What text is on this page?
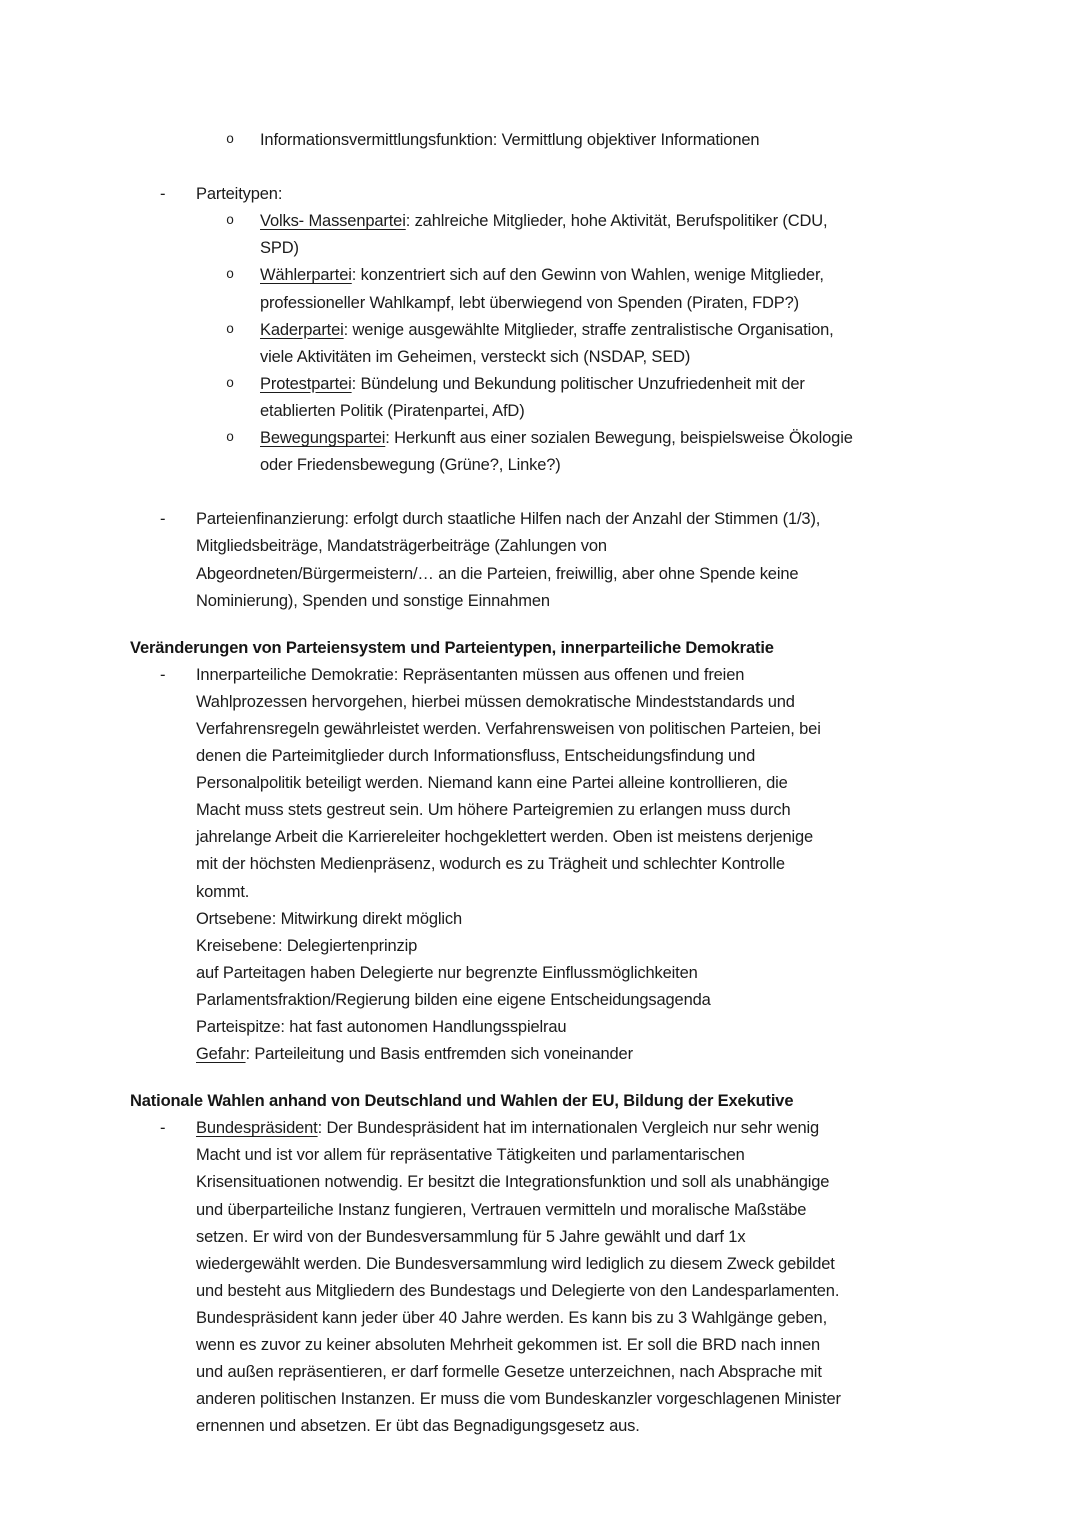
o Informationsvermittlungsfunktion: Vermittlung objektiver Informationen
- Parteitypen:
o Volks- Massenpartei: zahlreiche Mitglieder, hohe Aktivität, Berufspolitiker (CDU,
SPD)
o Wählerpartei: konzentriert sich auf den Gewinn von Wahlen, wenige Mitglieder,
professioneller Wahlkampf, lebt überwiegend von Spenden (Piraten, FDP?)
o Kaderpartei: wenige ausgewählte Mitglieder, straffe zentralistische Organisation,
viele Aktivitäten im Geheimen, versteckt sich (NSDAP, SED)
o Protestpartei: Bündelung und Bekundung politischer Unzufriedenheit mit der
etablierten Politik (Piratenpartei, AfD)
o Bewegungspartei: Herkunft aus einer sozialen Bewegung, beispielsweise Ökologie
oder Friedensbewegung (Grüne?, Linke?)
- Parteienfinanzierung: erfolgt durch staatliche Hilfen nach der Anzahl der Stimmen (1/3),
Mitgliedsbeiträge, Mandatsträgerbeiträge (Zahlungen von
Abgeordneten/Bürgermeistern/… an die Parteien, freiwillig, aber ohne Spende keine
Nominierung), Spenden und sonstige Einnahmen
Veränderungen von Parteiensystem und Parteientypen, innerparteiliche Demokratie
- Innerparteiliche Demokratie: Repräsentanten müssen aus offenen und freien
Wahlprozessen hervorgehen, hierbei müssen demokratische Mindeststandards und
Verfahrensregeln gewährleistet werden. Verfahrensweisen von politischen Parteien, bei
denen die Parteimitglieder durch Informationsfluss, Entscheidungsfindung und
Personalpolitik beteiligt werden. Niemand kann eine Partei alleine kontrollieren, die
Macht muss stets gestreut sein. Um höhere Parteigremien zu erlangen muss durch
jahrelange Arbeit die Karriereleiter hochgeklettert werden. Oben ist meistens derjenige
mit der höchsten Medienpräsenz, wodurch es zu Trägheit und schlechter Kontrolle
kommt.
Ortsebene: Mitwirkung direkt möglich
Kreisebene: Delegiertenprinzip
auf Parteitagen haben Delegierte nur begrenzte Einflussmöglichkeiten
Parlamentsfraktion/Regierung bilden eine eigene Entscheidungsagenda
Parteispitze: hat fast autonomen Handlungsspielrau
Gefahr: Parteileitung und Basis entfremden sich voneinander
Nationale Wahlen anhand von Deutschland und Wahlen der EU, Bildung der Exekutive
- Bundespräsident: Der Bundespräsident hat im internationalen Vergleich nur sehr wenig
Macht und ist vor allem für repräsentative Tätigkeiten und parlamentarischen
Krisensituationen notwendig. Er besitzt die Integrationsfunktion und soll als unabhängige
und überparteiliche Instanz fungieren, Vertrauen vermitteln und moralische Maßstäbe
setzen. Er wird von der Bundesversammlung für 5 Jahre gewählt und darf 1x
wiedergewählt werden. Die Bundesversammlung wird lediglich zu diesem Zweck gebildet
und besteht aus Mitgliedern des Bundestags und Delegierte von den Landesparlamenten.
Bundespräsident kann jeder über 40 Jahre werden. Es kann bis zu 3 Wahlgänge geben,
wenn es zuvor zu keiner absoluten Mehrheit gekommen ist. Er soll die BRD nach innen
und außen repräsentieren, er darf formelle Gesetze unterzeichnen, nach Absprache mit
anderen politischen Instanzen. Er muss die vom Bundeskanzler vorgeschlagenen Minister
ernennen und absetzen. Er übt das Begnadigungsgesetz aus.
